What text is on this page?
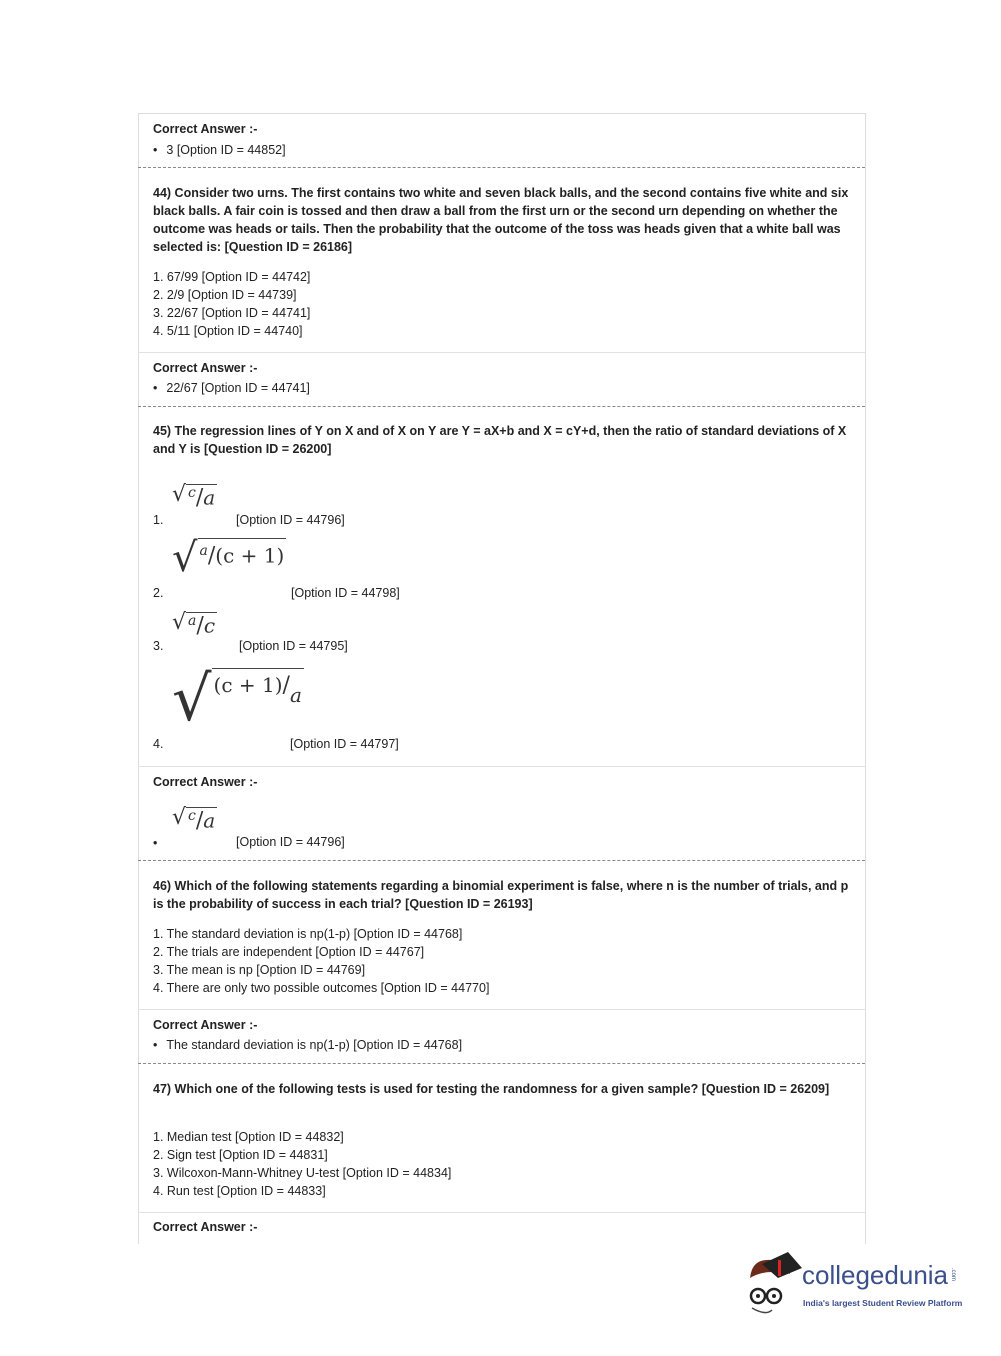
Correct Answer :-
• 3 [Option ID = 44852]
44) Consider two urns. The first contains two white and seven black balls, and the second contains five white and six black balls. A fair coin is tossed and then draw a ball from the first urn or the second urn depending on whether the outcome was heads or tails. Then the probability that the outcome of the toss was heads given that a white ball was selected is: [Question ID = 26186]
1. 67/99 [Option ID = 44742]
2. 2/9 [Option ID = 44739]
3. 22/67 [Option ID = 44741]
4. 5/11 [Option ID = 44740]
Correct Answer :-
• 22/67 [Option ID = 44741]
45) The regression lines of Y on X and of X on Y are Y = aX+b and X = cY+d, then the ratio of standard deviations of X and Y is [Question ID = 26200]
1.
√ $^c$/a
[Option ID = 44796]
2.
√ $^a$/(c + 1)
[Option ID = 44798]
3.
√ $^a$/c
[Option ID = 44795]
4.
√ (c + 1)/a
[Option ID = 44797]
Correct Answer :-
•
√ $^c$/a
[Option ID = 44796]
46) Which of the following statements regarding a binomial experiment is false, where n is the number of trials, and p is the probability of success in each trial? [Question ID = 26193]
1. The standard deviation is np(1-p) [Option ID = 44768]
2. The trials are independent [Option ID = 44767]
3. The mean is np [Option ID = 44769]
4. There are only two possible outcomes [Option ID = 44770]
Correct Answer :-
• The standard deviation is np(1-p) [Option ID = 44768]
47) Which one of the following tests is used for testing the randomness for a given sample? [Question ID = 26209]
1. Median test [Option ID = 44832]
2. Sign test [Option ID = 44831]
3. Wilcoxon-Mann-Whitney U-test [Option ID = 44834]
4. Run test [Option ID = 44833]
Correct Answer :-
collegedunia .com
India's largest Student Review Platform
